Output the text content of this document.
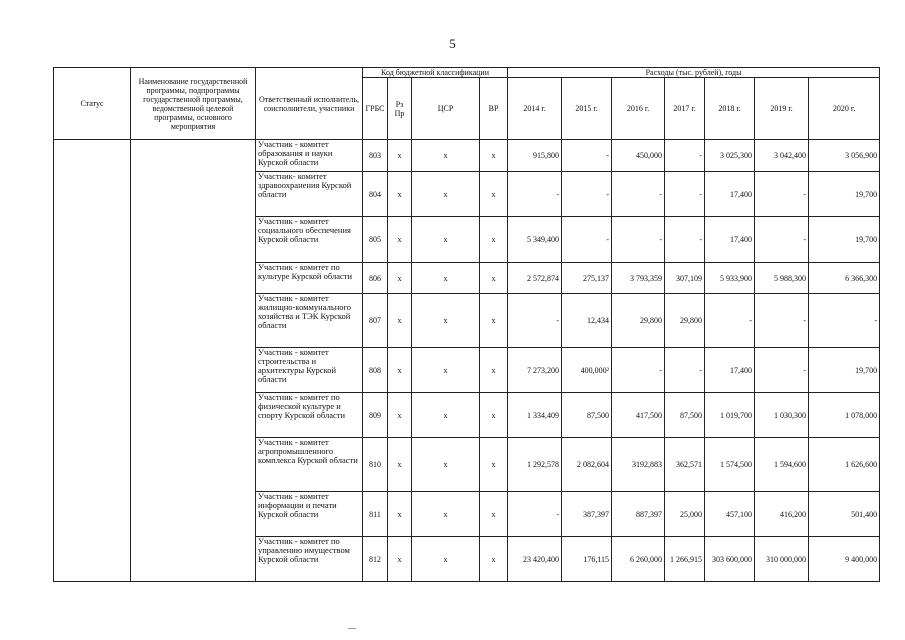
5
Статус	Наименование государственной программы, подпрограммы государственной программы, ведомственной целевой программы, основного мероприятия	Ответственный исполнитель, соисполнители, участники	Код бюджетной классификации				Расходы (тыс. рублей), годы						
			ГРБС	Рз Пр	ЦСР	ВР	2014 г.	2015 г.	2016 г.	2017 г.	2018 г.	2019 г.	2020 г.
		Участник - комитет образования и науки Курской области	803	х	х	х	915,800	-	450,000	-	3 025,300	3 042,400	3 056,900
		Участник- комитет здравоохранения Курской области	804	х	х	х	-	-	-	-	17,400	-	19,700
		Участник - комитет социального обеспечения Курской области	805	х	х	х	5 349,400	-	-	-	17,400	-	19,700
		Участник - комитет по культуре Курской области	806	х	х	х	2 572,874	275,137	3 793,359	307,109	5 933,900	5 988,300	6 366,300
		Участник - комитет жилищно-коммунального хозяйства и ТЭК Курской области	807	х	х	х	-	12,434	29,800	29,800	-	-	-
		Участник - комитет строительства и архитектуры Курской области	808	х	х	х	7 273,200	400,000²	-	-	17,400	-	19,700
		Участник - комитет по физической культуре и спорту Курской области	809	х	х	х	1 334,409	87,500	417,500	87,500	1 019,700	1 030,300	1 078,000
		Участник - комитет агропромышленного комплекса Курской области	810	х	х	х	1 292,578	2 082,604	3192,883	362,571	1 574,500	1 594,600	1 626,600
		Участник - комитет информации и печати Курской области	811	х	х	х	-	387,397	887,397	25,000	457,100	416,200	501,400
		Участник - комитет по управлению имуществом Курской области	812	х	х	х	23 420,400	176,115	6 260,000	1 266,915	303 600,000	310 000,000	9 400,000
